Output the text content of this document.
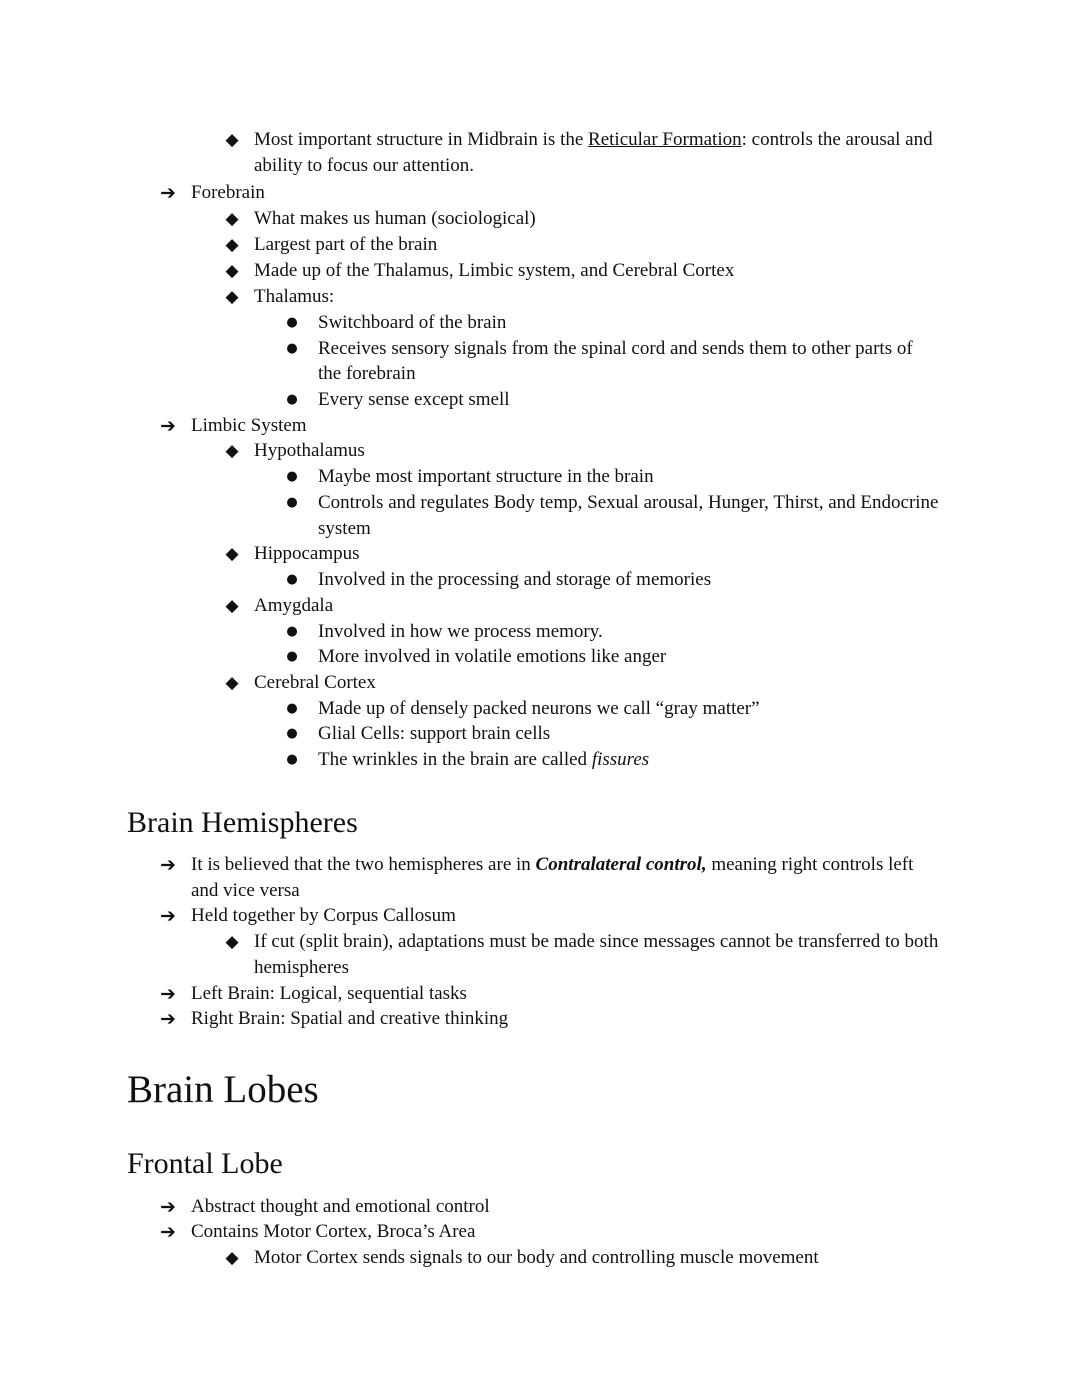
◆ Most important structure in Midbrain is the Reticular Formation: controls the arousal and
ability to focus our attention.
➔ Forebrain
◆ What makes us human (sociological)
◆ Largest part of the brain
◆ Made up of the Thalamus, Limbic system, and Cerebral Cortex
◆ Thalamus:
● Switchboard of the brain
● Receives sensory signals from the spinal cord and sends them to other parts of
the forebrain
● Every sense except smell
➔ Limbic System
◆ Hypothalamus
● Maybe most important structure in the brain
● Controls and regulates Body temp, Sexual arousal, Hunger, Thirst, and Endocrine
system
◆ Hippocampus
● Involved in the processing and storage of memories
◆ Amygdala
● Involved in how we process memory.
● More involved in volatile emotions like anger
◆ Cerebral Cortex
● Made up of densely packed neurons we call “gray matter”
● Glial Cells: support brain cells
● The wrinkles in the brain are called fissures
Brain Hemispheres
➔ It is believed that the two hemispheres are in Contralateral control, meaning right controls left
and vice versa
➔ Held together by Corpus Callosum
◆ If cut (split brain), adaptations must be made since messages cannot be transferred to both
hemispheres
➔ Left Brain: Logical, sequential tasks
➔ Right Brain: Spatial and creative thinking
Brain Lobes
Frontal Lobe
➔ Abstract thought and emotional control
➔ Contains Motor Cortex, Broca’s Area
◆ Motor Cortex sends signals to our body and controlling muscle movement
